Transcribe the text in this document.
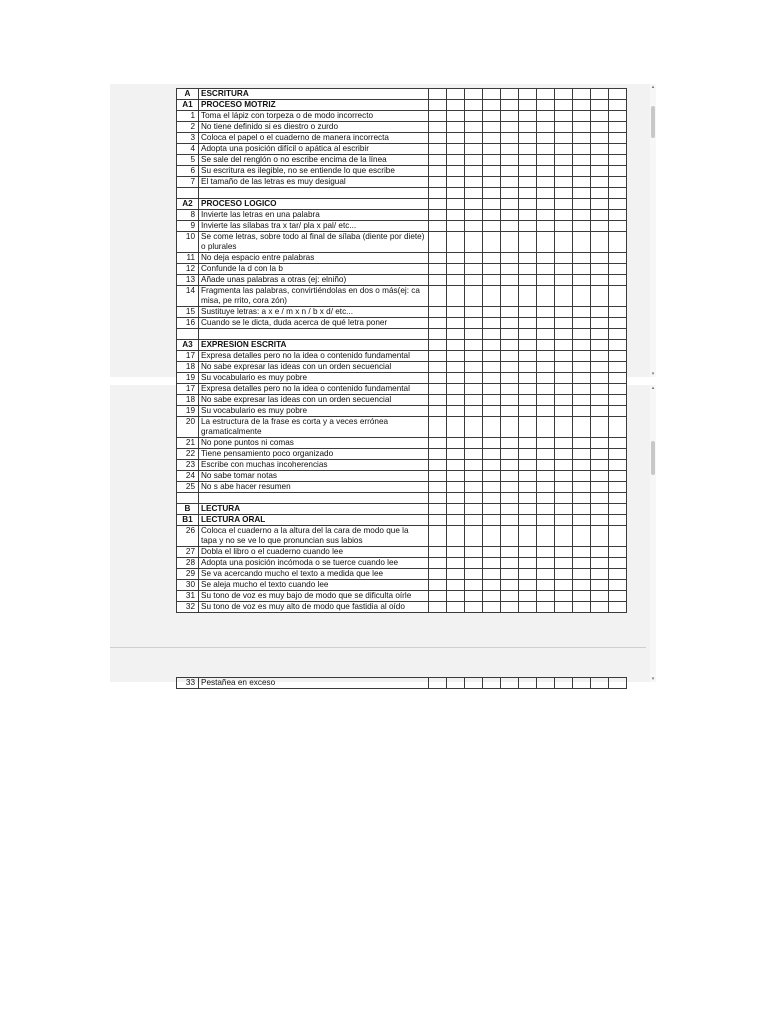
A	ESCRITURA											
A1	PROCESO MOTRIZ											
1	Toma el lápiz con torpeza o de modo incorrecto											
2	No tiene definido si es diestro o zurdo											
3	Coloca el papel o el cuaderno de manera incorrecta											
4	Adopta una posición difícil o apática al escribir											
5	Se sale del renglón o no escribe encima de la línea											
6	Su escritura es ilegible, no se entiende lo que escribe											
7	El tamaño de las letras es muy desigual											

A2	PROCESO LOGICO											
8	Invierte las letras en una palabra											
9	Invierte las sílabas tra x tar/ pla x pal/ etc...											
10	Se come letras, sobre todo al final de sílaba (diente por diete) o plurales											
11	No deja espacio entre palabras											
12	Confunde la d con la b											
13	Añade unas palabras a otras (ej: elniño)											
14	Fragmenta las palabras, convirtiéndolas en dos o más(ej: ca misa, pe rrito, cora zón)											
15	Sustituye letras: a x e / m x n / b x d/ etc...											
16	Cuando se le dicta, duda acerca de qué letra poner											

A3	EXPRESION ESCRITA											
17	Expresa detalles pero no la idea o contenido fundamental											
18	No sabe expresar las ideas con un orden secuencial											
19	Su vocabulario es muy pobre											
▴
▾
17	Expresa detalles pero no la idea o contenido fundamental											
18	No sabe expresar las ideas con un orden secuencial											
19	Su vocabulario es muy pobre											
20	La estructura de la frase es corta y a veces errónea gramaticalmente											
21	No pone puntos ni comas											
22	Tiene pensamiento poco organizado											
23	Escribe con muchas incoherencias											
24	No sabe tomar notas											
25	No s abe hacer resumen											

B	LECTURA											
B1	LECTURA ORAL											
26	Coloca el cuaderno a la altura del la cara de modo que la tapa y no se ve lo que pronuncian sus labios											
27	Dobla el libro o el cuaderno cuando lee											
28	Adopta una posición incómoda o se tuerce cuando lee											
29	Se va acercando mucho el texto a medida que lee											
30	Se aleja mucho el texto cuando lee											
31	Su tono de voz es muy bajo de modo que se dificulta oírle											
32	Su tono de voz es muy alto de modo que fastidia al oído											
33	Pestañea en exceso											
▴
▾
